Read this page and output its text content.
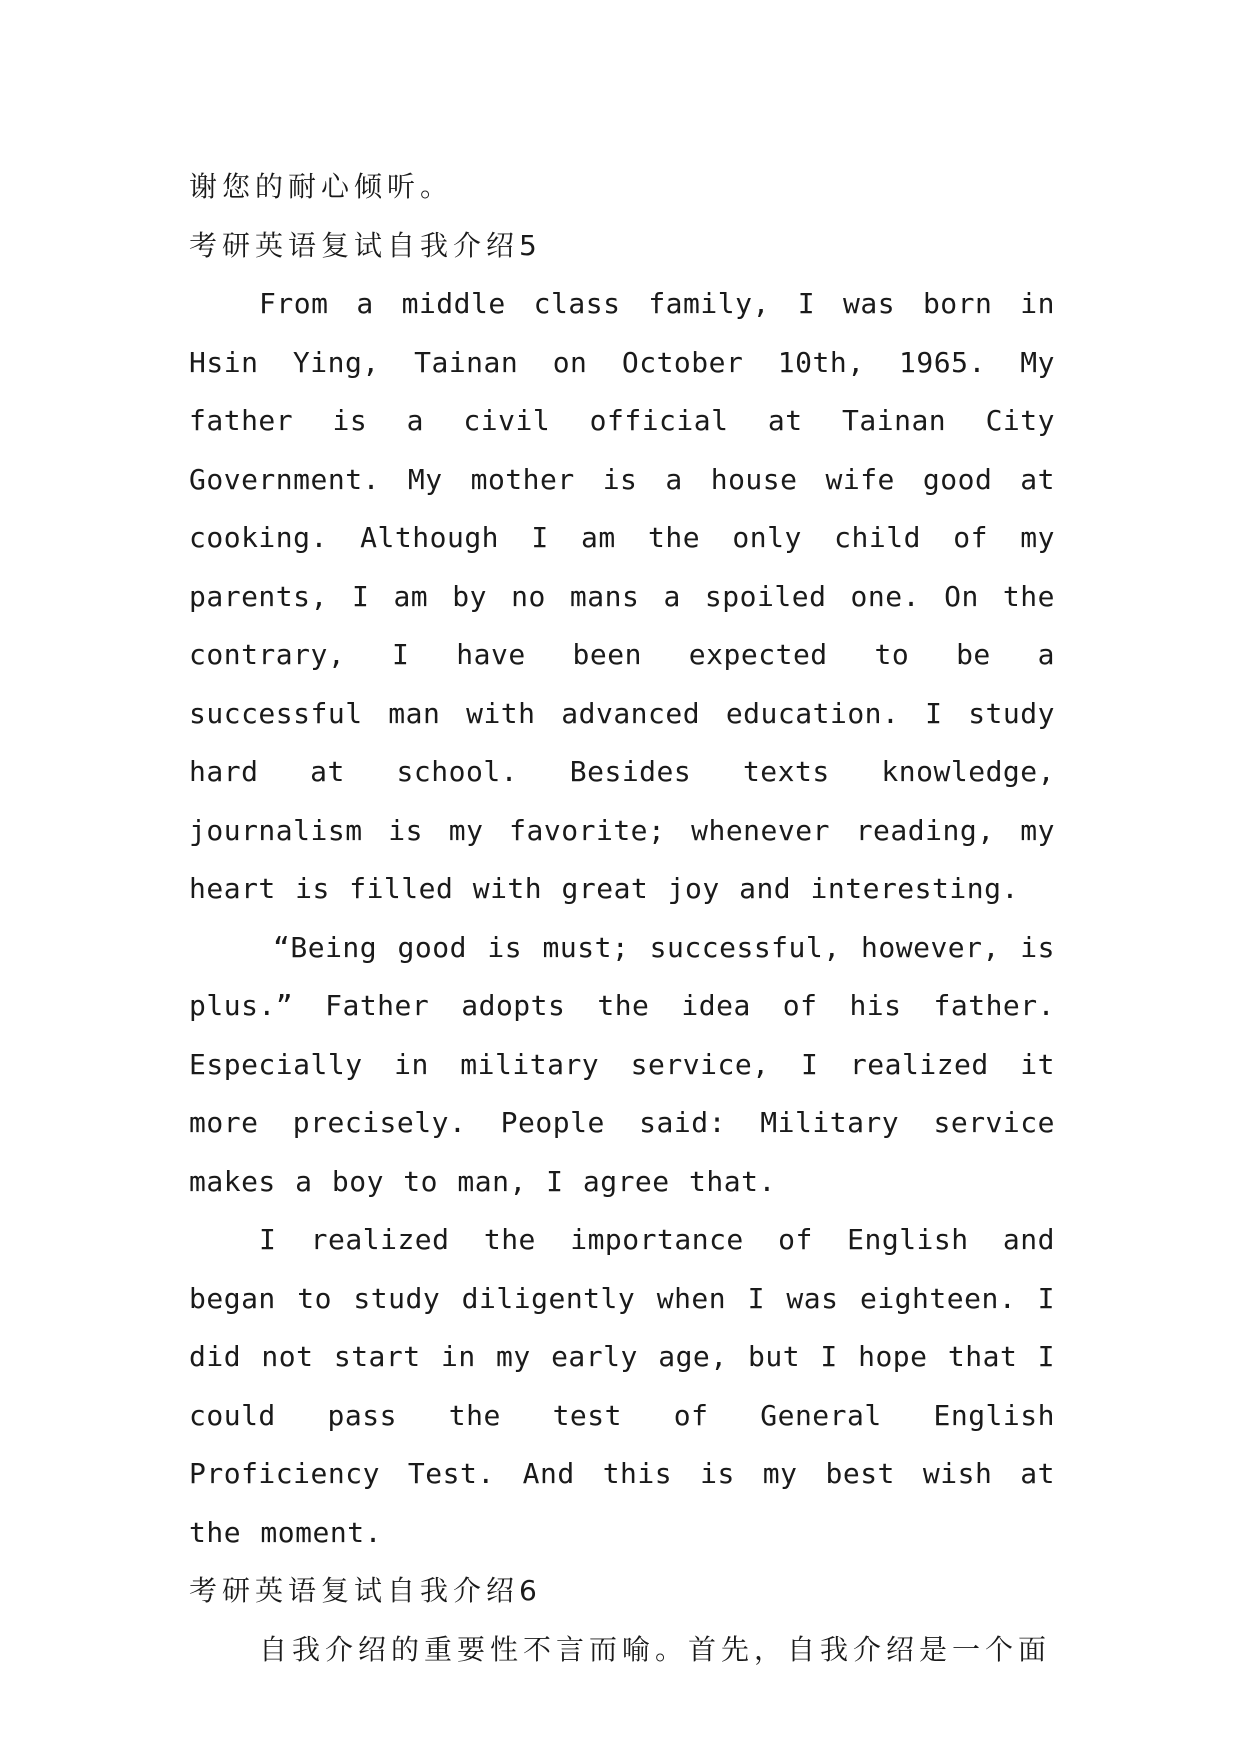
谢您的耐心倾听。
考研英语复试自我介绍5

From a middle class family, I was born in Hsin Ying, Tainan on October 10th, 1965. My father is a civil official at Tainan City Government. My mother is a house wife good at cooking. Although I am the only child of my parents, I am by no mans a spoiled one. On the contrary, I have been expected to be a successful man with advanced education. I study hard at school. Besides texts knowledge, journalism is my favorite; whenever reading, my heart is filled with great joy and interesting.

“Being good is must; successful, however, is plus.” Father adopts the idea of his father. Especially in military service, I realized it more precisely. People said: Military service makes a boy to man, I agree that.

I realized the importance of English and began to study diligently when I was eighteen. I did not start in my early age, but I hope that I could pass the test of General English Proficiency Test. And this is my best wish at the moment.

考研英语复试自我介绍6

自我介绍的重要性不言而喻。首先，自我介绍是一个面
